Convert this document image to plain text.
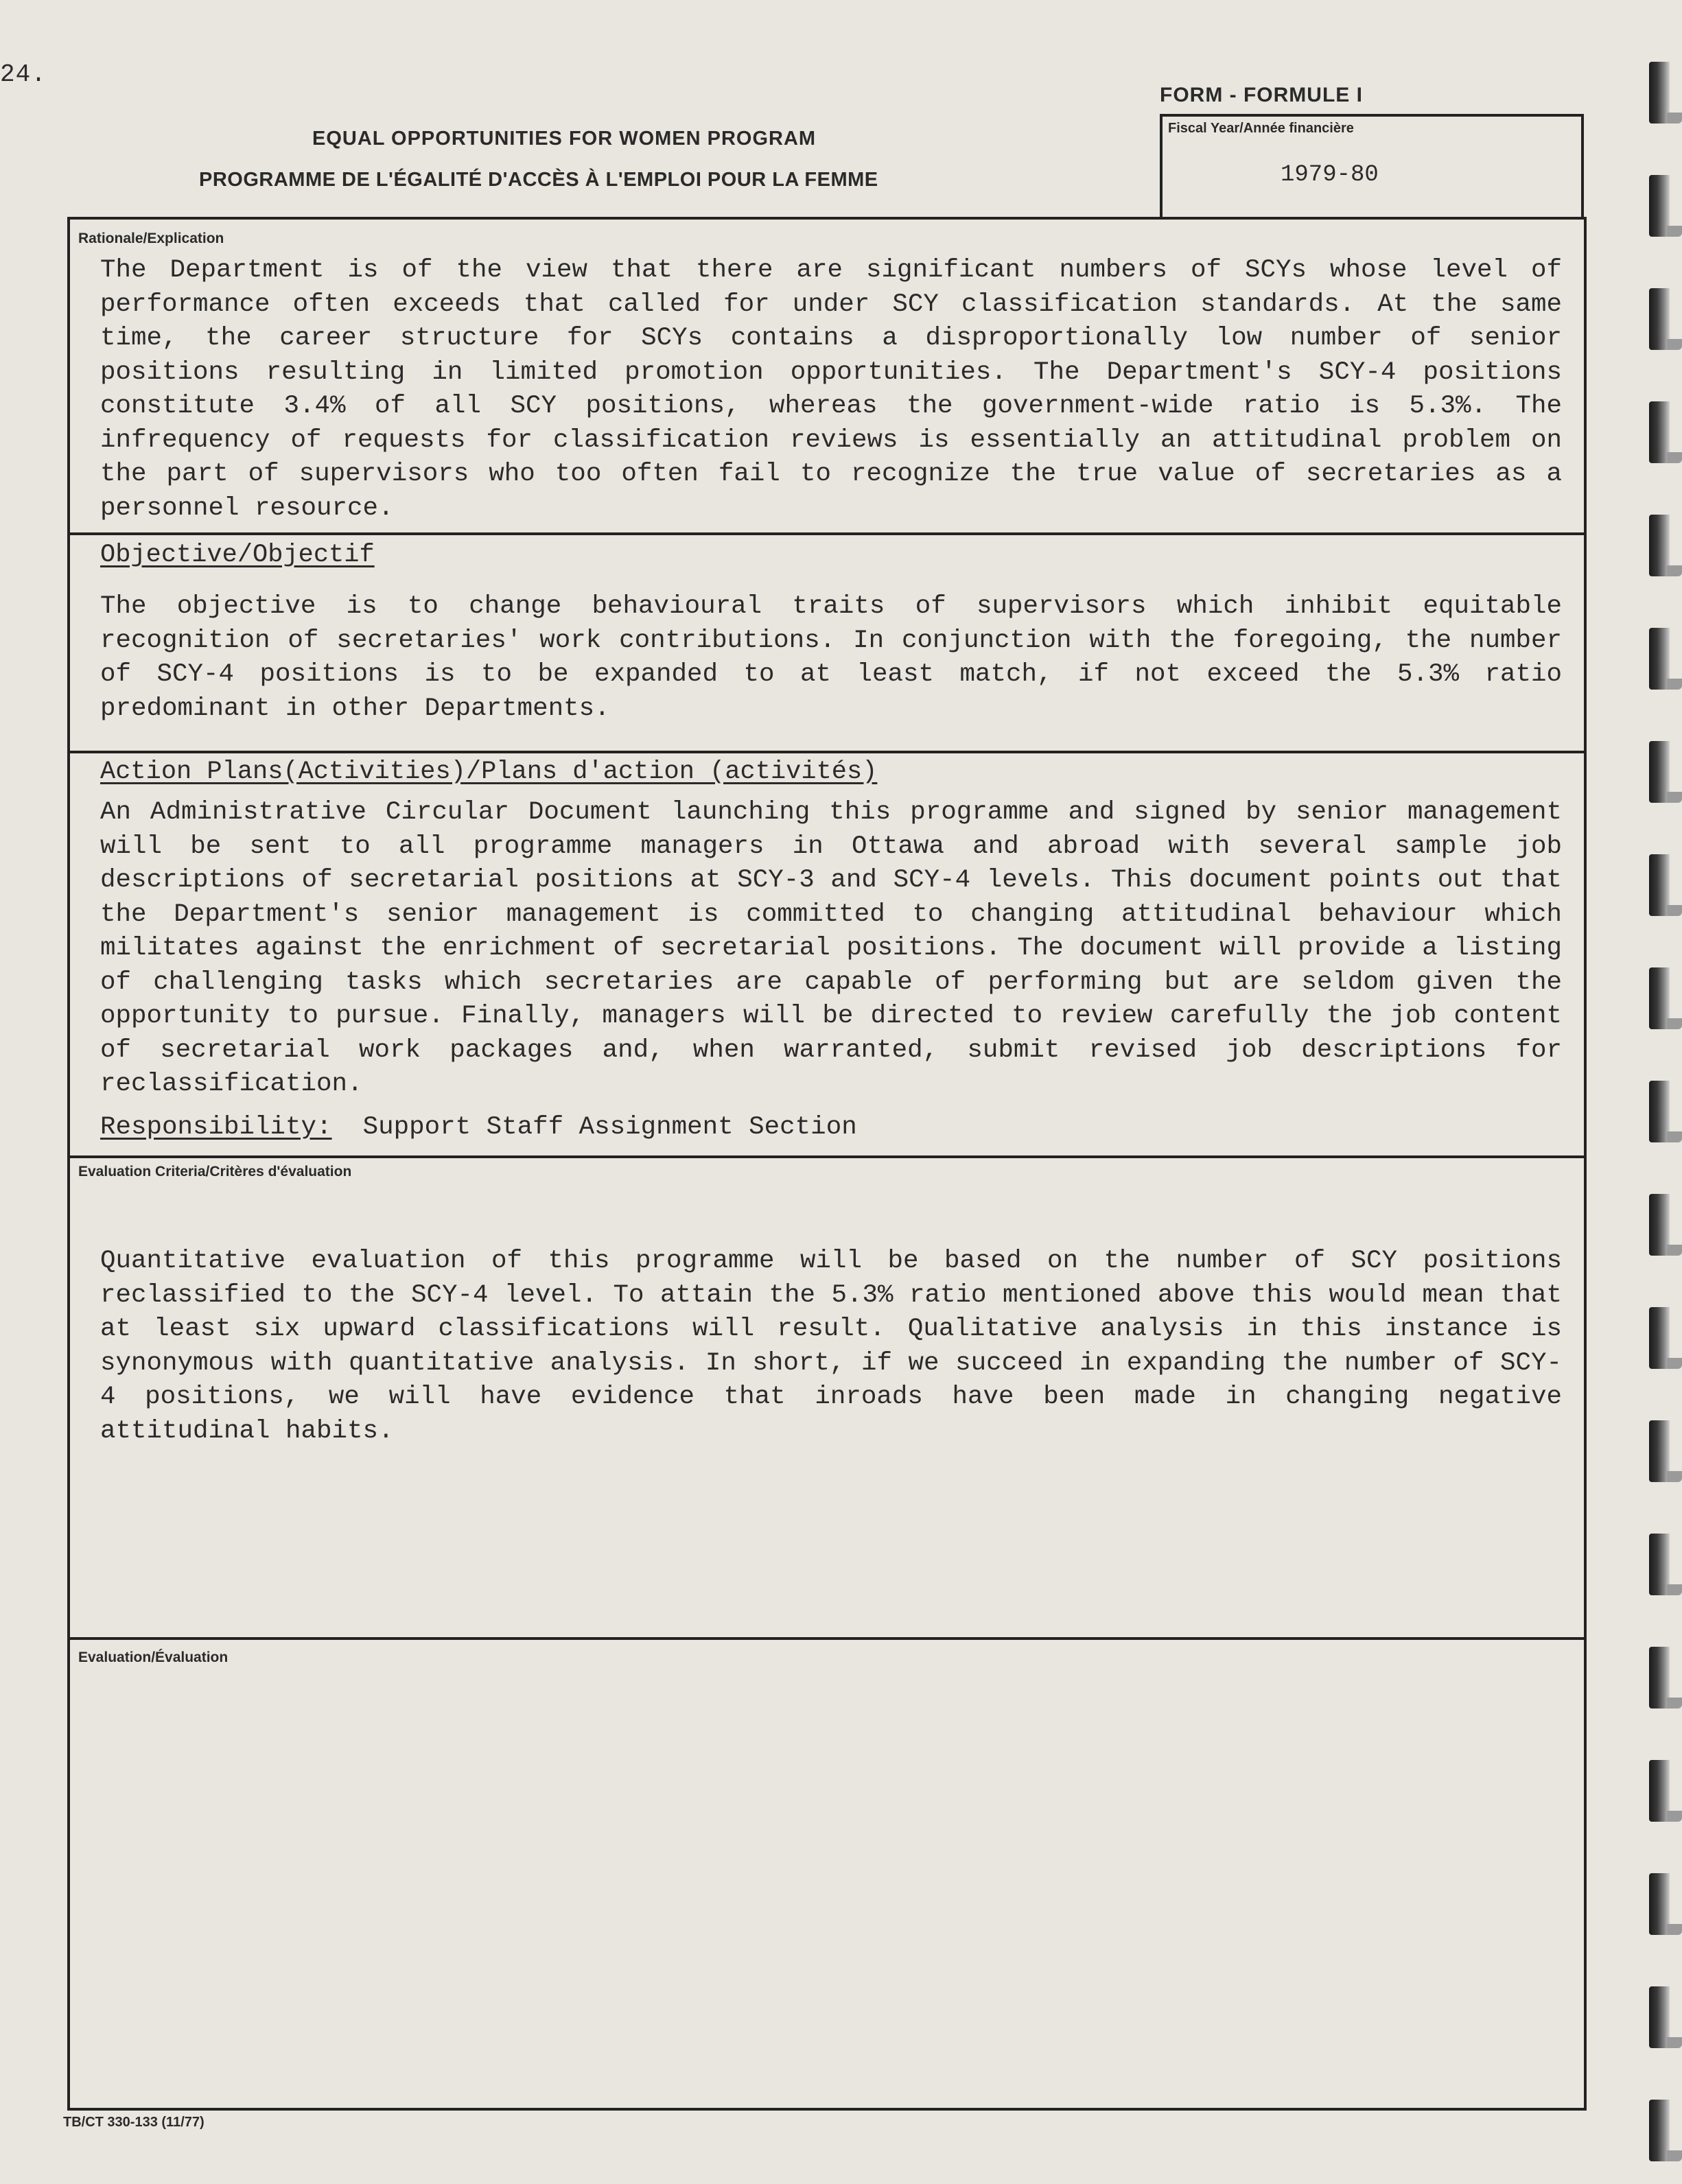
24.
FORM - FORMULE I
EQUAL OPPORTUNITIES FOR WOMEN PROGRAM
PROGRAMME DE L'ÉGALITÉ D'ACCÈS À L'EMPLOI POUR LA FEMME
Fiscal Year/Année financière
1979-80
Rationale/Explication
The Department is of the view that there are significant numbers of SCYs whose level of performance often exceeds that called for under SCY classification standards. At the same time, the career structure for SCYs contains a disproportionally low number of senior positions resulting in limited promotion opportunities. The Department's SCY-4 positions constitute 3.4% of all SCY positions, whereas the government-wide ratio is 5.3%. The infrequency of requests for classification reviews is essentially an attitudinal problem on the part of supervisors who too often fail to recognize the true value of secretaries as a personnel resource.
Objective/Objectif
The objective is to change behavioural traits of supervisors which inhibit equitable recognition of secretaries' work contributions. In conjunction with the foregoing, the number of SCY-4 positions is to be expanded to at least match, if not exceed the 5.3% ratio predominant in other Departments.
Action Plans(Activities)/Plans d'action (activités)
An Administrative Circular Document launching this programme and signed by senior management will be sent to all programme managers in Ottawa and abroad with several sample job descriptions of secretarial positions at SCY-3 and SCY-4 levels. This document points out that the Department's senior management is committed to changing attitudinal behaviour which militates against the enrichment of secretarial positions. The document will provide a listing of challenging tasks which secretaries are capable of performing but are seldom given the opportunity to pursue. Finally, managers will be directed to review carefully the job content of secretarial work packages and, when warranted, submit revised job descriptions for reclassification.
Responsibility: Support Staff Assignment Section
Evaluation Criteria/Critères d'évaluation
Quantitative evaluation of this programme will be based on the number of SCY positions reclassified to the SCY-4 level. To attain the 5.3% ratio mentioned above this would mean that at least six upward classifications will result. Qualitative analysis in this instance is synonymous with quantitative analysis. In short, if we succeed in expanding the number of SCY-4 positions, we will have evidence that inroads have been made in changing negative attitudinal habits.
Evaluation/Évaluation
TB/CT 330-133 (11/77)
